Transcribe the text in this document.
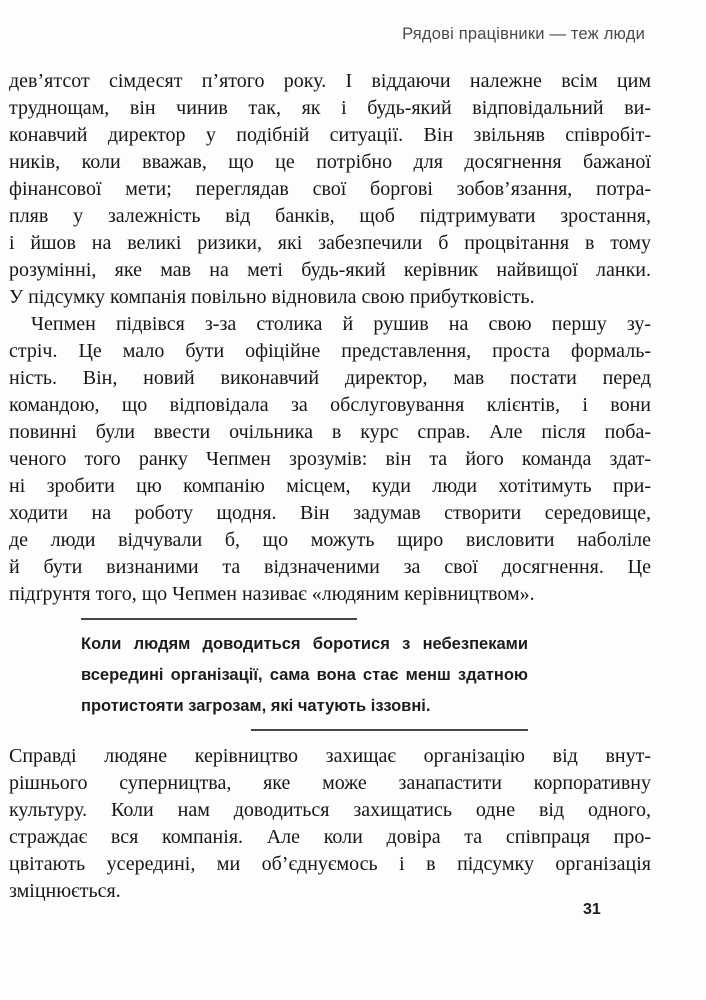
Рядові працівники — теж люди
дев’ятсот сімдесят п’ятого року. І віддаючи належне всім цим
труднощам, він чинив так, як і будь-який відповідальний ви-
конавчий директор у подібній ситуації. Він звільняв співробіт-
ників, коли вважав, що це потрібно для досягнення бажаної
фінансової мети; переглядав свої боргові зобов’язання, потра-
пляв у залежність від банків, щоб підтримувати зростання,
і йшов на великі ризики, які забезпечили б процвітання в тому
розумінні, яке мав на меті будь-який керівник найвищої ланки.
У підсумку компанія повільно відновила свою прибутковість.
Чепмен підвівся з-за столика й рушив на свою першу зу-
стріч. Це мало бути офіційне представлення, проста формаль-
ність. Він, новий виконавчий директор, мав постати перед
командою, що відповідала за обслуговування клієнтів, і вони
повинні були ввести очільника в курс справ. Але після поба-
ченого того ранку Чепмен зрозумів: він та його команда здат-
ні зробити цю компанію місцем, куди люди хотітимуть при-
ходити на роботу щодня. Він задумав створити середовище,
де люди відчували б, що можуть щиро висловити наболіле
й бути визнаними та відзначеними за свої досягнення. Це
підґрунтя того, що Чепмен називає «людяним керівництвом».
Коли людям доводиться боротися з небезпеками
всередині організації, сама вона стає менш здатною
протистояти загрозам, які чатують іззовні.
Справді людяне керівництво захищає організацію від внут-
рішнього суперництва, яке може занапастити корпоративну
культуру. Коли нам доводиться захищатись одне від одного,
страждає вся компанія. Але коли довіра та співпраця про-
цвітають усередині, ми об’єднуємось і в підсумку організація
зміцнюється.
31
